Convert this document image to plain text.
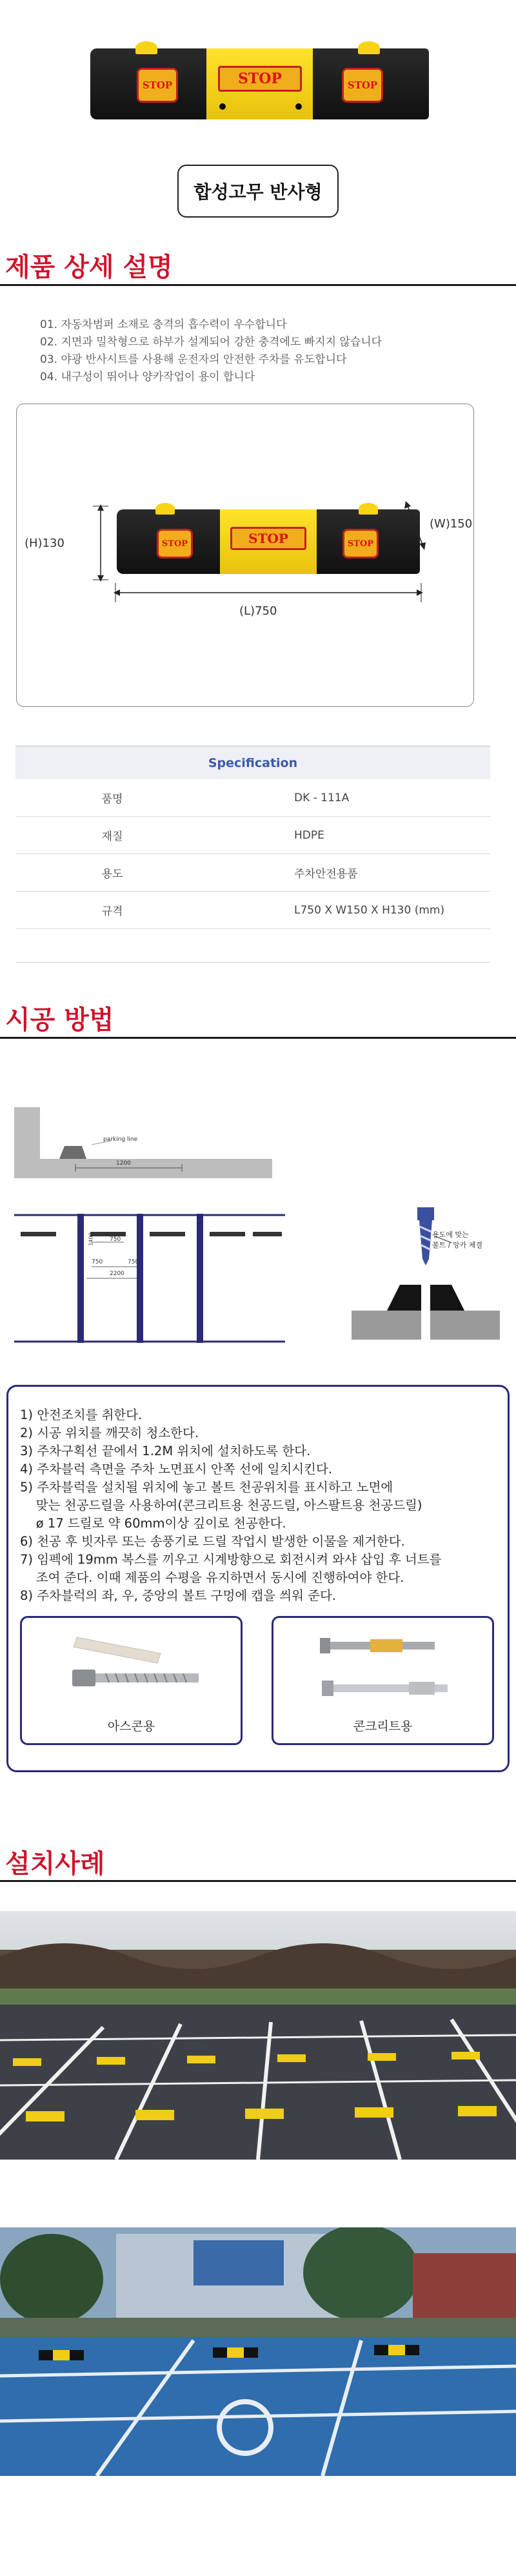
STOP	STOP	STOP
합성고무 반사형
제품 상세 설명
01. 자동차범퍼 소재로 충격의 흡수력이 우수합니다
02. 지면과 밀착형으로 하부가 설계되어 강한 충격에도 빠지지 않습니다
03. 야광 반사시트를 사용해 운전자의 안전한 주차를 유도합니다
04. 내구성이 뛰어나 양카작업이 용이 합니다
STOP	STOP	STOP
(H)130
(W)150
(L)750
Specification
품명	DK - 111A
재질	HDPE
용도	주차안전용품
규격	L750 X W150 X H130 (mm)
시공 방법
parking line
1200
750
750	750
1400
2200
용도에 맞는
볼트 / 앙카 체결
1) 안전조치를 취한다.
2) 시공 위치를 깨끗히 청소한다.
3) 주차구획선 끝에서 1.2M 위치에 설치하도록 한다.
4) 주차블럭 측면을 주차 노면표시 안쪽 선에 일치시킨다.
5) 주차블럭을 설치될 위치에 놓고 볼트 천공위치를 표시하고 노면에
맞는 천공드릴을 사용하여(콘크리트용 천공드릴, 아스팔트용 천공드릴)
ø 17 드릴로 약 60mm이상 깊이로 천공한다.
6) 천공 후 빗자루 또는 송풍기로 드릴 작업시 발생한 이물을 제거한다.
7) 임펙에 19mm 복스를 끼우고 시계방향으로 회전시켜 와샤 삽입 후 너트를
조여 준다. 이때 제품의 수평을 유지하면서 동시에 진행하여야 한다.
8) 주차블럭의 좌, 우, 중앙의 볼트 구멍에 캡을 씌워 준다.
아스콘용	콘크리트용
설치사례
